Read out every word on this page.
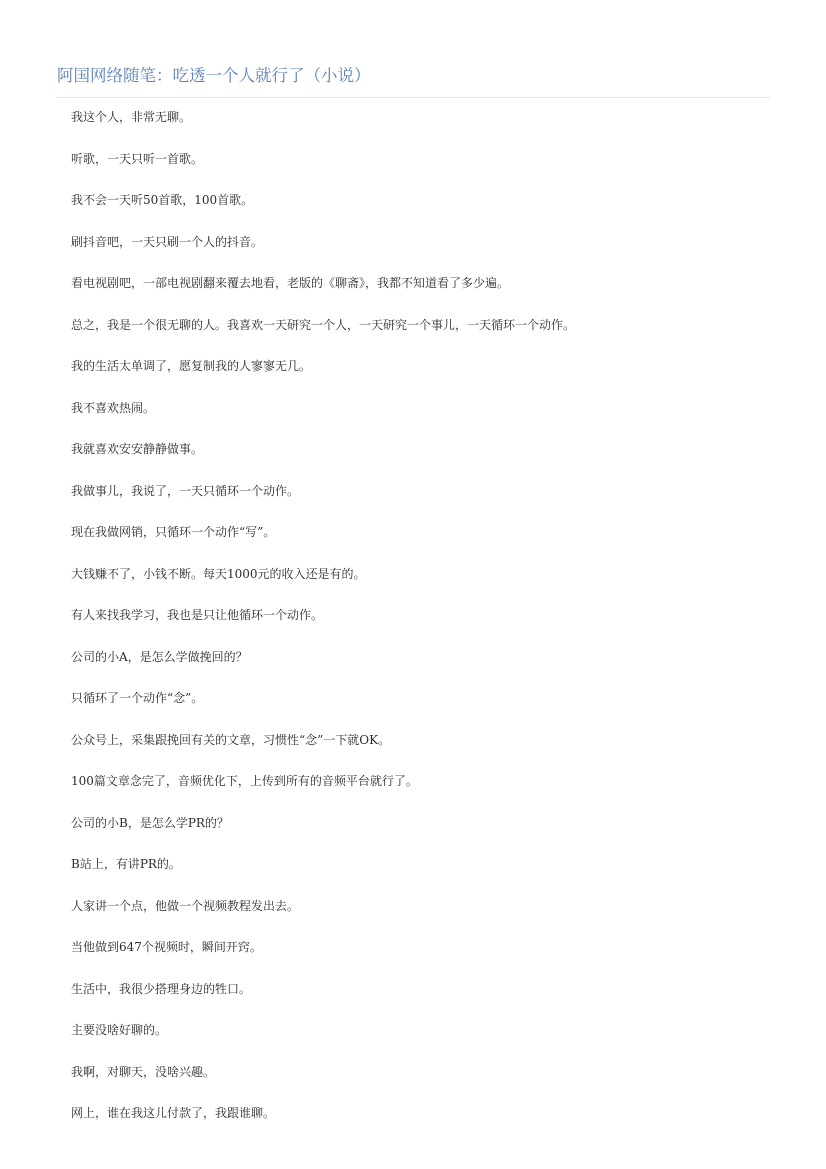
阿国网络随笔：吃透一个人就行了（小说）
我这个人，非常无聊。
听歌，一天只听一首歌。
我不会一天听50首歌，100首歌。
刷抖音吧，一天只刷一个人的抖音。
看电视剧吧，一部电视剧翻来覆去地看，老版的《聊斋》，我都不知道看了多少遍。
总之，我是一个很无聊的人。我喜欢一天研究一个人，一天研究一个事儿，一天循环一个动作。
我的生活太单调了，愿复制我的人寥寥无几。
我不喜欢热闹。
我就喜欢安安静静做事。
我做事儿，我说了，一天只循环一个动作。
现在我做网销，只循环一个动作“写”。
大钱赚不了，小钱不断。每天1000元的收入还是有的。
有人来找我学习，我也是只让他循环一个动作。
公司的小A，是怎么学做挽回的？
只循环了一个动作“念”。
公众号上，采集跟挽回有关的文章，习惯性“念”一下就OK。
100篇文章念完了，音频优化下，上传到所有的音频平台就行了。
公司的小B，是怎么学PR的？
B站上，有讲PR的。
人家讲一个点，他做一个视频教程发出去。
当他做到647个视频时，瞬间开窍。
生活中，我很少搭理身边的牲口。
主要没啥好聊的。
我啊，对聊天，没啥兴趣。
网上，谁在我这儿付款了，我跟谁聊。
